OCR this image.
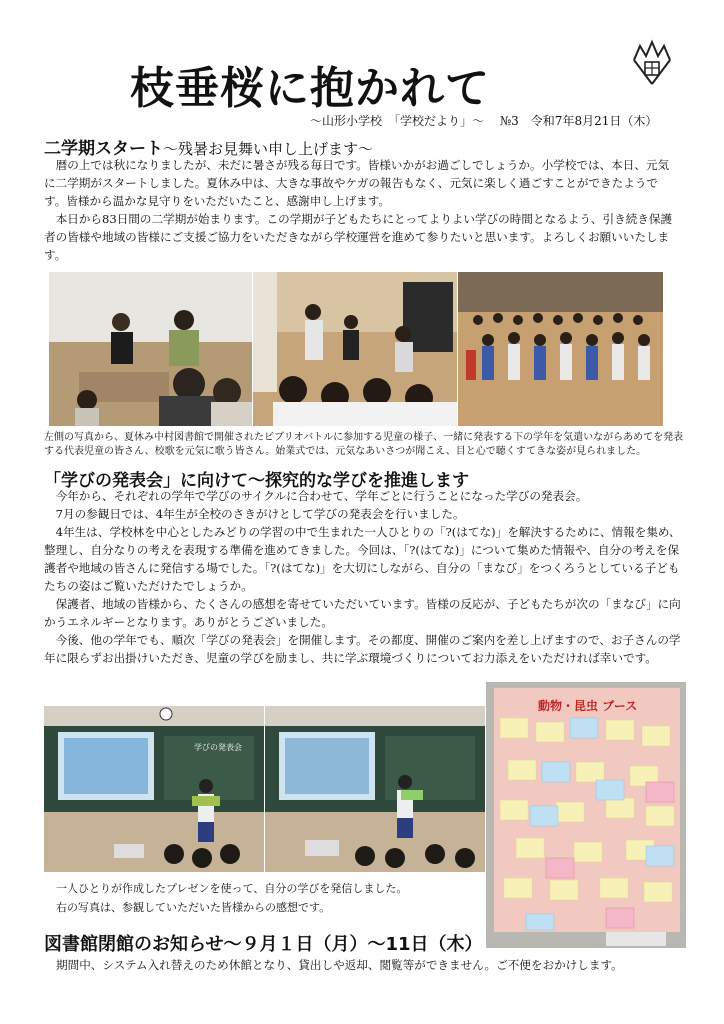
枝垂桜に抱かれて
～山形小学校　「学校だより」～　 №3　令和7年8月21日（木）
二学期スタート～残暑お見舞い申し上げます～

暦の上では秋になりましたが、未だに暑さが残る毎日です。皆様いかがお過ごしでしょうか。小学校では、本日、元気に二学期がスタートしました。夏休み中は、大きな事故やケガの報告もなく、元気に楽しく過ごすことができたようです。皆様から温かな見守りをいただいたこと、感謝申し上げます。

本日から83日間の二学期が始まります。この学期が子どもたちにとってよりよい学びの時間となるよう、引き続き保護者の皆様や地域の皆様にご支援ご協力をいただきながら学校運営を進めて参りたいと思います。よろしくお願いいたします。

左側の写真から、夏休み中村図書館で開催されたビブリオバトルに参加する児童の様子、一緒に発表する下の学年を気遣いながらあめてを発表する代表児童の皆さん、校歌を元気に歌う皆さん。始業式では、元気なあいさつが聞こえ、目と心で聴くすてきな姿が見られました。
「学びの発表会」に向けて～探究的な学びを推進します

今年から、それぞれの学年で学びのサイクルに合わせて、学年ごとに行うことになった学びの発表会。

7月の参観日では、4年生が全校のさきがけとして学びの発表会を行いました。

4年生は、学校林を中心としたみどりの学習の中で生まれた一人ひとりの「?(はてな)」を解決するために、情報を集め、整理し、自分なりの考えを表現する準備を進めてきました。今回は、「?(はてな)」について集めた情報や、自分の考えを保護者や地域の皆さんに発信する場でした。「?(はてな)」を大切にしながら、自分の「まなび」をつくろうとしている子どもたちの姿はご覧いただけたでしょうか。

保護者、地域の皆様から、たくさんの感想を寄せていただいています。皆様の反応が、子どもたちが次の「まなび」に向かうエネルギーとなります。ありがとうございました。

今後、他の学年でも、順次「学びの発表会」を開催します。その都度、開催のご案内を差し上げますので、お子さんの学年に限らずお出掛けいただき、児童の学びを励まし、共に学ぶ環境づくりについてお力添えをいただければ幸いです。

学びの発表会
動物・昆虫 ブース
一人ひとりが作成したプレゼンを使って、自分の学びを発信しました。
右の写真は、参観していただいた皆様からの感想です。
図書館閉館のお知らせ～９月１日（月）～11日（木）
期間中、システム入れ替えのため休館となり、貸出しや返却、閲覧等ができません。ご不便をおかけします。
